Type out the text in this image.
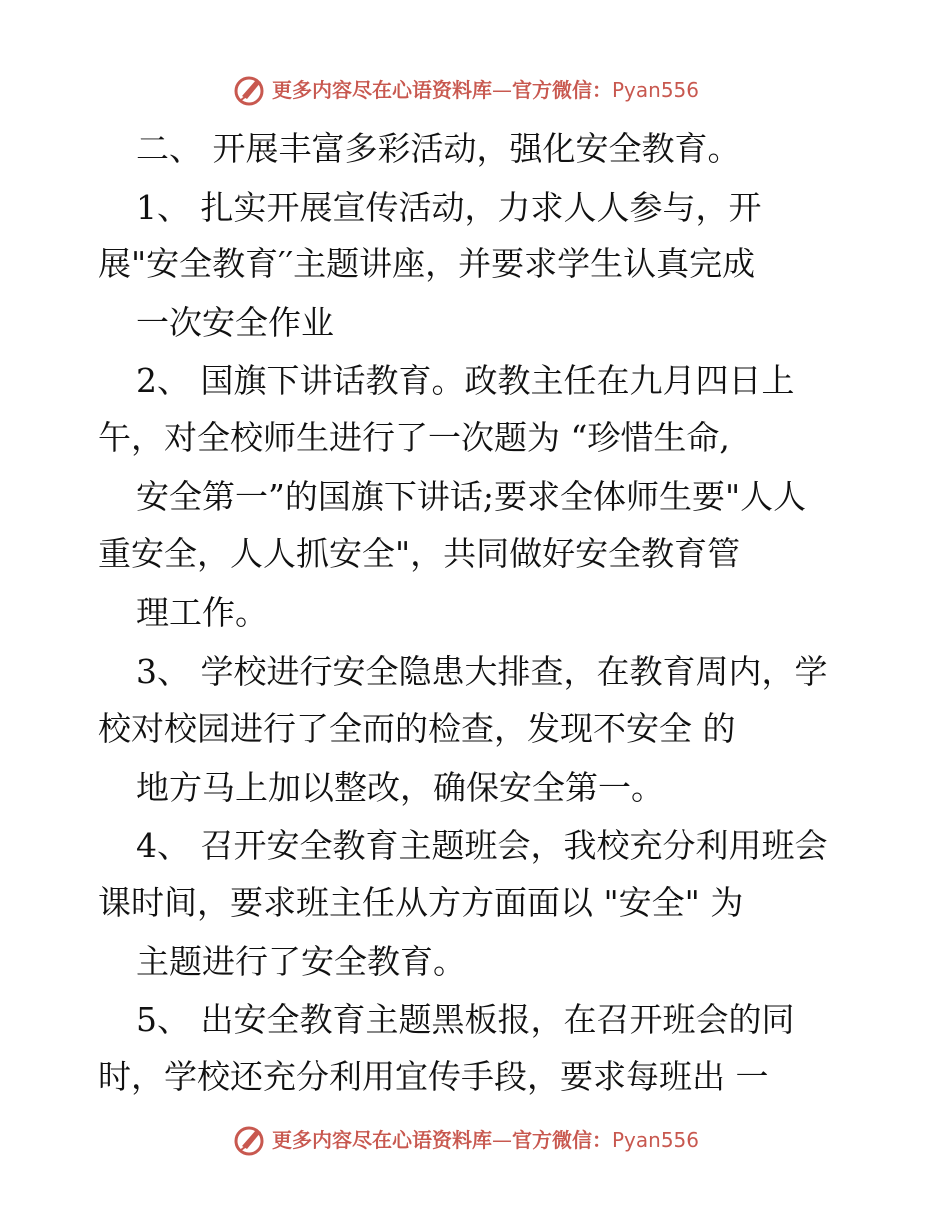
更多内容尽在心语资料库—官方微信：Pyan556
二、 开展丰富多彩活动，强化安全教育。
1、 扎实开展宣传活动，力求人人参与，开
展"安全教育′′主题讲座，并要求学生认真完成
一次安全作业
2、 国旗下讲话教育。政教主任在九月四日上
午，对全校师生进行了一次题为 “珍惜生命,
安全第一”的国旗下讲话;要求全体师生要"人人
重安全，人人抓安全"，共同做好安全教育管
理工作。
3、 学校进行安全隐患大排查，在教育周内，学
校对校园进行了全而的检查，发现不安全 的
地方马上加以整改，确保安全第一。
4、 召开安全教育主题班会，我校充分利用班会
课时间，要求班主任从方方面面以 "安全" 为
主题进行了安全教育。
5、 出安全教育主题黑板报，在召开班会的同
时，学校还充分利用宜传手段，要求每班出 一
更多内容尽在心语资料库—官方微信：Pyan556
